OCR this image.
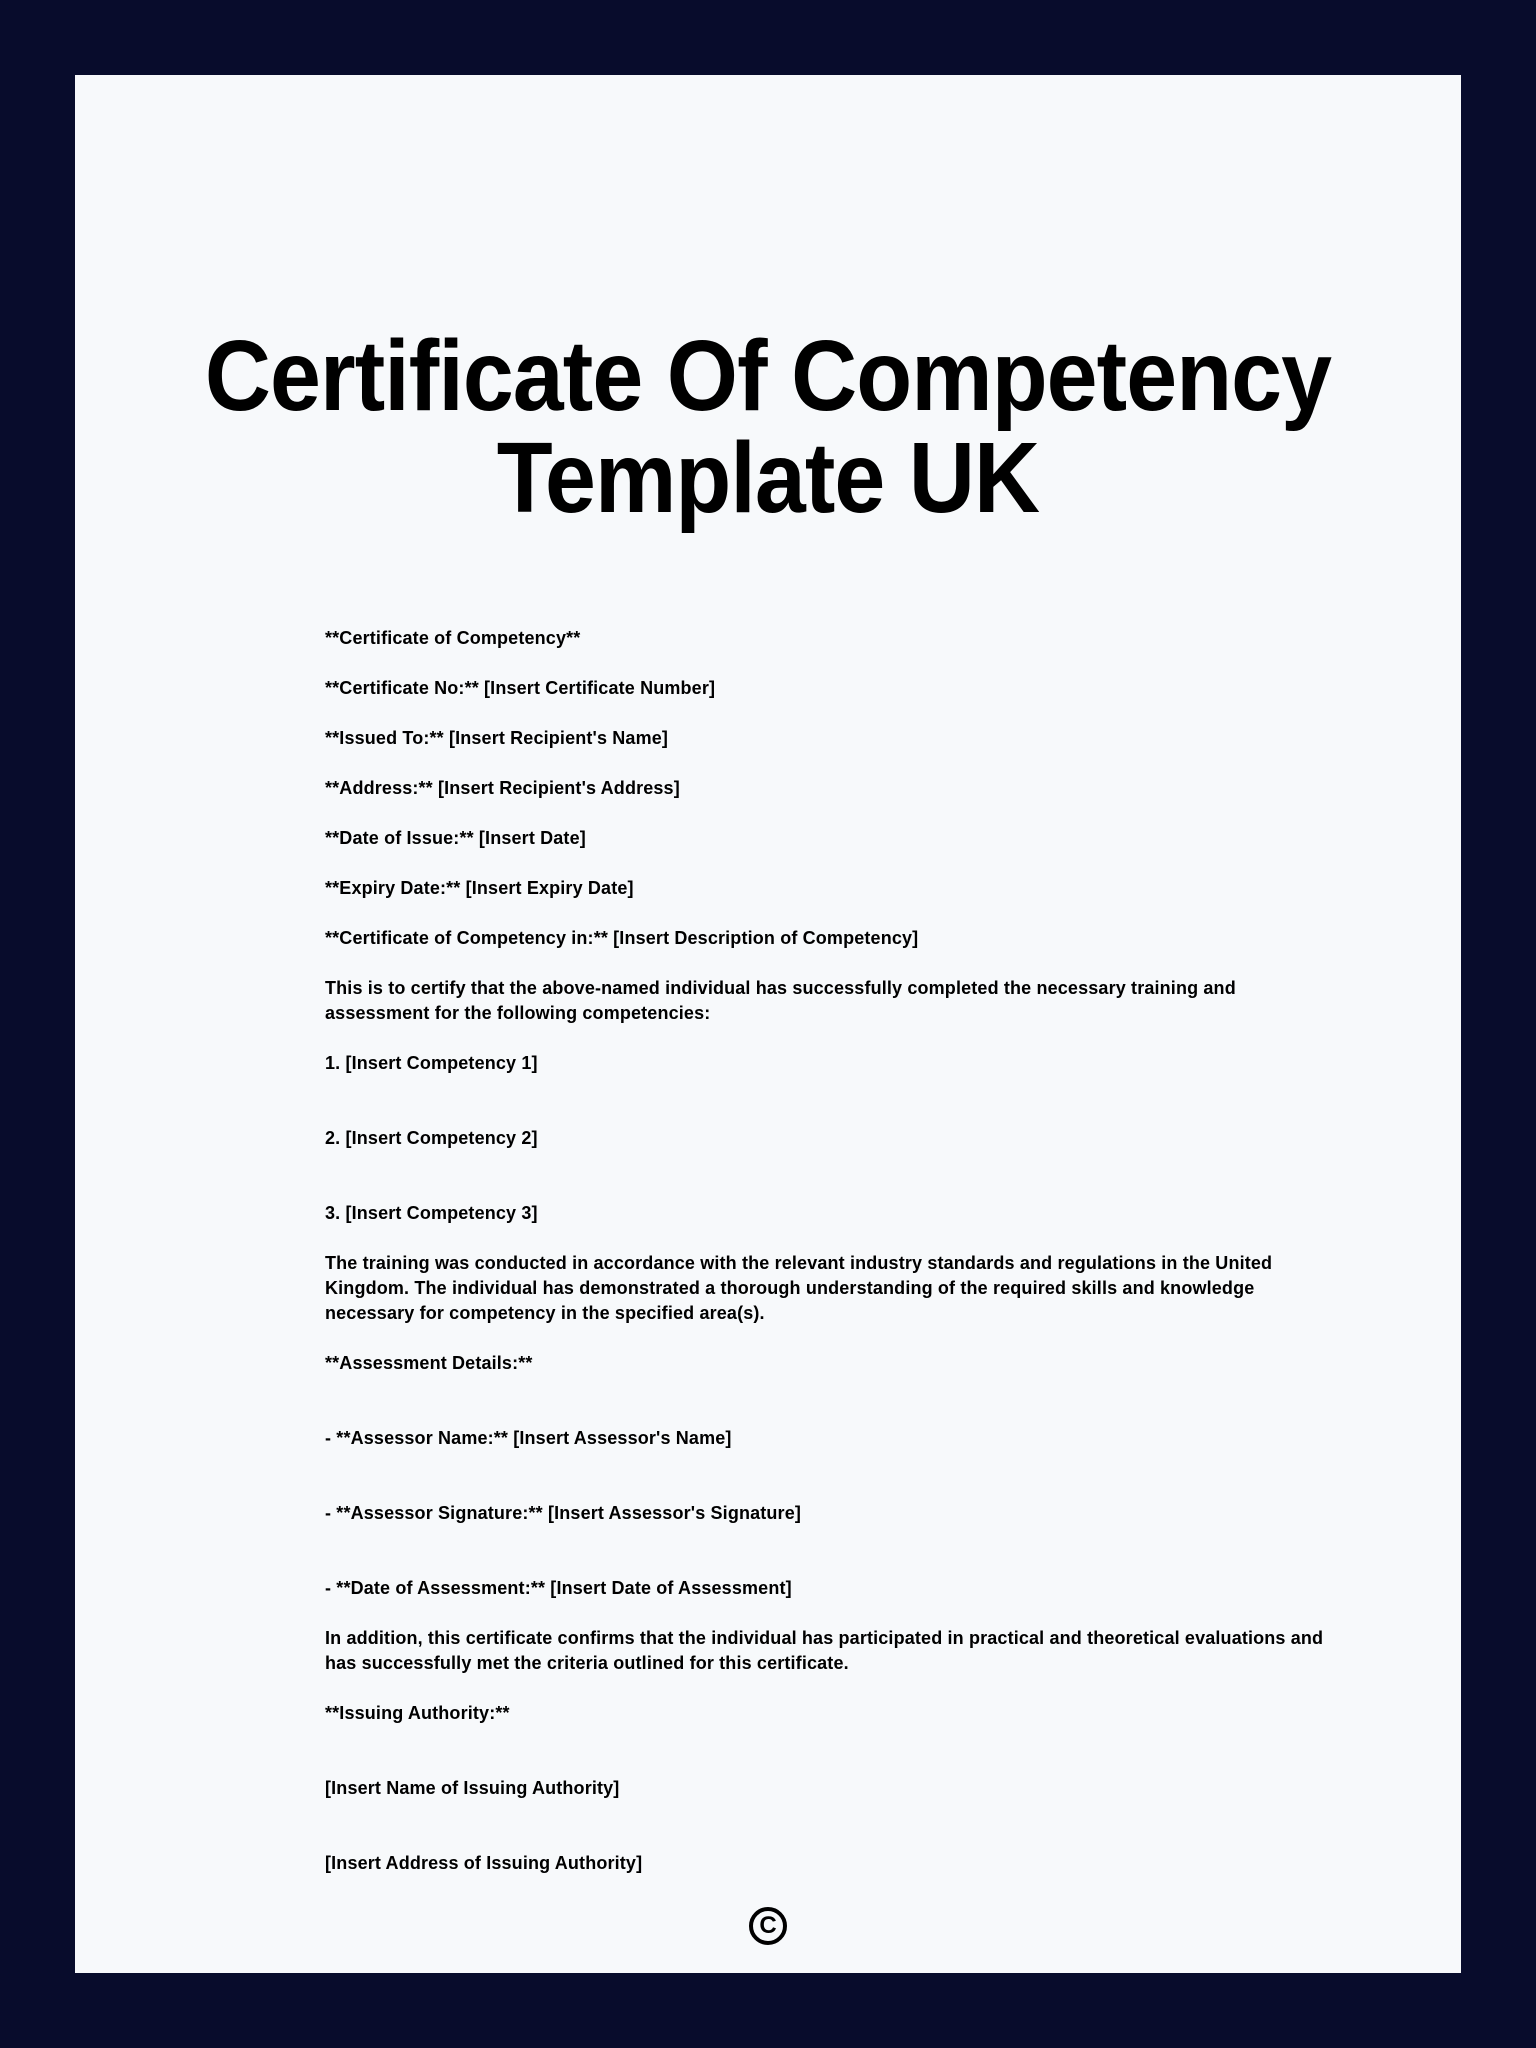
Certificate Of Competency
Template UK

**Certificate of Competency**

**Certificate No:** [Insert Certificate Number]

**Issued To:** [Insert Recipient's Name]

**Address:** [Insert Recipient's Address]

**Date of Issue:** [Insert Date]

**Expiry Date:** [Insert Expiry Date]

**Certificate of Competency in:** [Insert Description of Competency]

This is to certify that the above-named individual has successfully completed the necessary training and assessment for the following competencies:

1. [Insert Competency 1]

2. [Insert Competency 2]

3. [Insert Competency 3]

The training was conducted in accordance with the relevant industry standards and regulations in the United Kingdom. The individual has demonstrated a thorough understanding of the required skills and knowledge necessary for competency in the specified area(s).

**Assessment Details:**

- **Assessor Name:** [Insert Assessor's Name]

- **Assessor Signature:** [Insert Assessor's Signature]

- **Date of Assessment:** [Insert Date of Assessment]

In addition, this certificate confirms that the individual has participated in practical and theoretical evaluations and has successfully met the criteria outlined for this certificate.

**Issuing Authority:**

[Insert Name of Issuing Authority]

[Insert Address of Issuing Authority]

C
